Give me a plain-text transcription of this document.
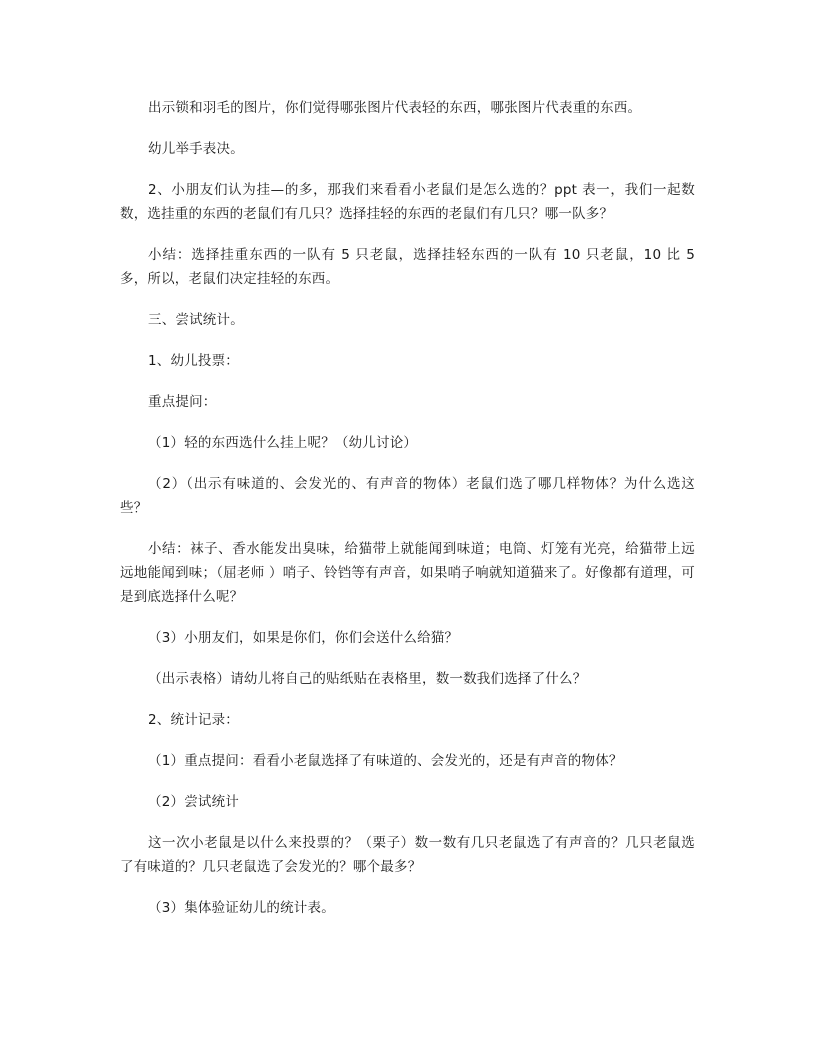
出示锁和羽毛的图片，你们觉得哪张图片代表轻的东西，哪张图片代表重的东西。

幼儿举手表决。

2、小朋友们认为挂—的多，那我们来看看小老鼠们是怎么选的？ppt 表一，我们一起数数，选挂重的东西的老鼠们有几只？选择挂轻的东西的老鼠们有几只？哪一队多？

小结：选择挂重东西的一队有 5 只老鼠，选择挂轻东西的一队有 10 只老鼠，10 比 5 多，所以，老鼠们决定挂轻的东西。

三、尝试统计。

1、幼儿投票：

重点提问：

（1）轻的东西选什么挂上呢？（幼儿讨论）

（2）（出示有味道的、会发光的、有声音的物体）老鼠们选了哪几样物体？为什么选这些？

小结：袜子、香水能发出臭味，给猫带上就能闻到味道；电筒、灯笼有光亮，给猫带上远远地能闻到味；（屈老师 ）哨子、铃铛等有声音，如果哨子响就知道猫来了。好像都有道理，可是到底选择什么呢？

（3）小朋友们，如果是你们，你们会送什么给猫？

（出示表格）请幼儿将自己的贴纸贴在表格里，数一数我们选择了什么？

2、统计记录：

（1）重点提问：看看小老鼠选择了有味道的、会发光的，还是有声音的物体？

（2）尝试统计

这一次小老鼠是以什么来投票的？（栗子）数一数有几只老鼠选了有声音的？几只老鼠选了有味道的？几只老鼠选了会发光的？哪个最多？

（3）集体验证幼儿的统计表。
